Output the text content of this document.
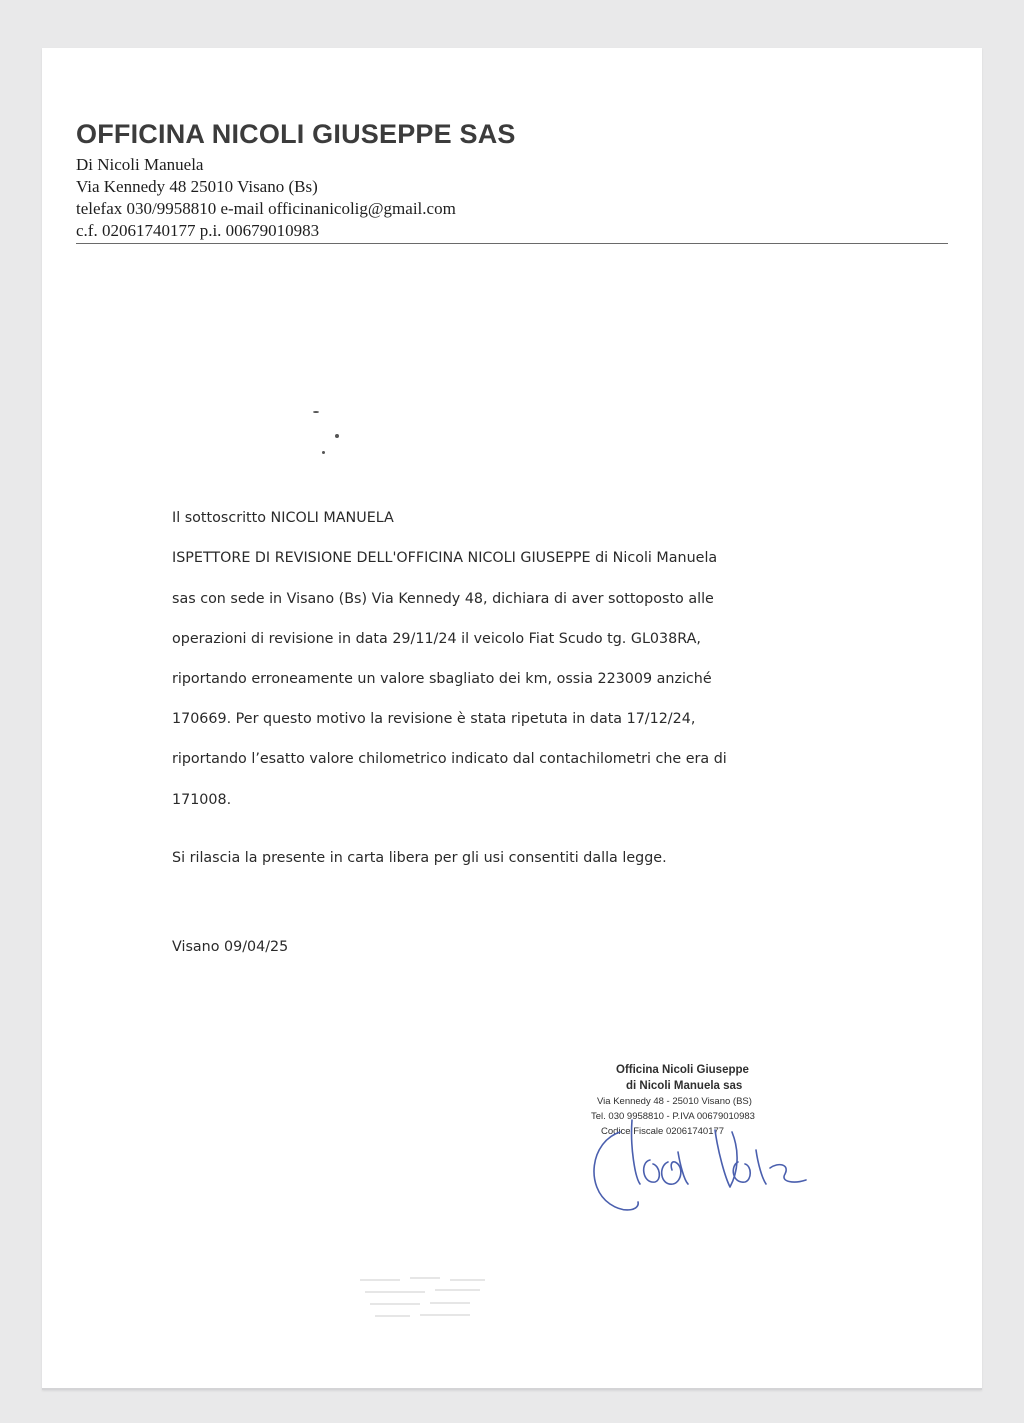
OFFICINA NICOLI GIUSEPPE SAS
Di Nicoli Manuela
Via Kennedy 48 25010 Visano (Bs)
telefax 030/9958810 e-mail officinanicolig@gmail.com
c.f. 02061740177 p.i. 00679010983
Il sottoscritto NICOLI MANUELA
ISPETTORE DI REVISIONE DELL'OFFICINA NICOLI GIUSEPPE di Nicoli Manuela
sas con sede in Visano (Bs) Via Kennedy 48, dichiara di aver sottoposto alle
operazioni di revisione in data 29/11/24 il veicolo Fiat Scudo tg. GL038RA,
riportando erroneamente un valore sbagliato dei km, ossia 223009 anziché
170669. Per questo motivo la revisione è stata ripetuta in data 17/12/24,
riportando l’esatto valore chilometrico indicato dal contachilometri che era di
171008.
Si rilascia la presente in carta libera per gli usi consentiti dalla legge.
Visano 09/04/25
Officina Nicoli Giuseppe
di Nicoli Manuela sas
Via Kennedy 48 - 25010 Visano (BS)
Tel. 030 9958810 - P.IVA 00679010983
Codice Fiscale 02061740177
